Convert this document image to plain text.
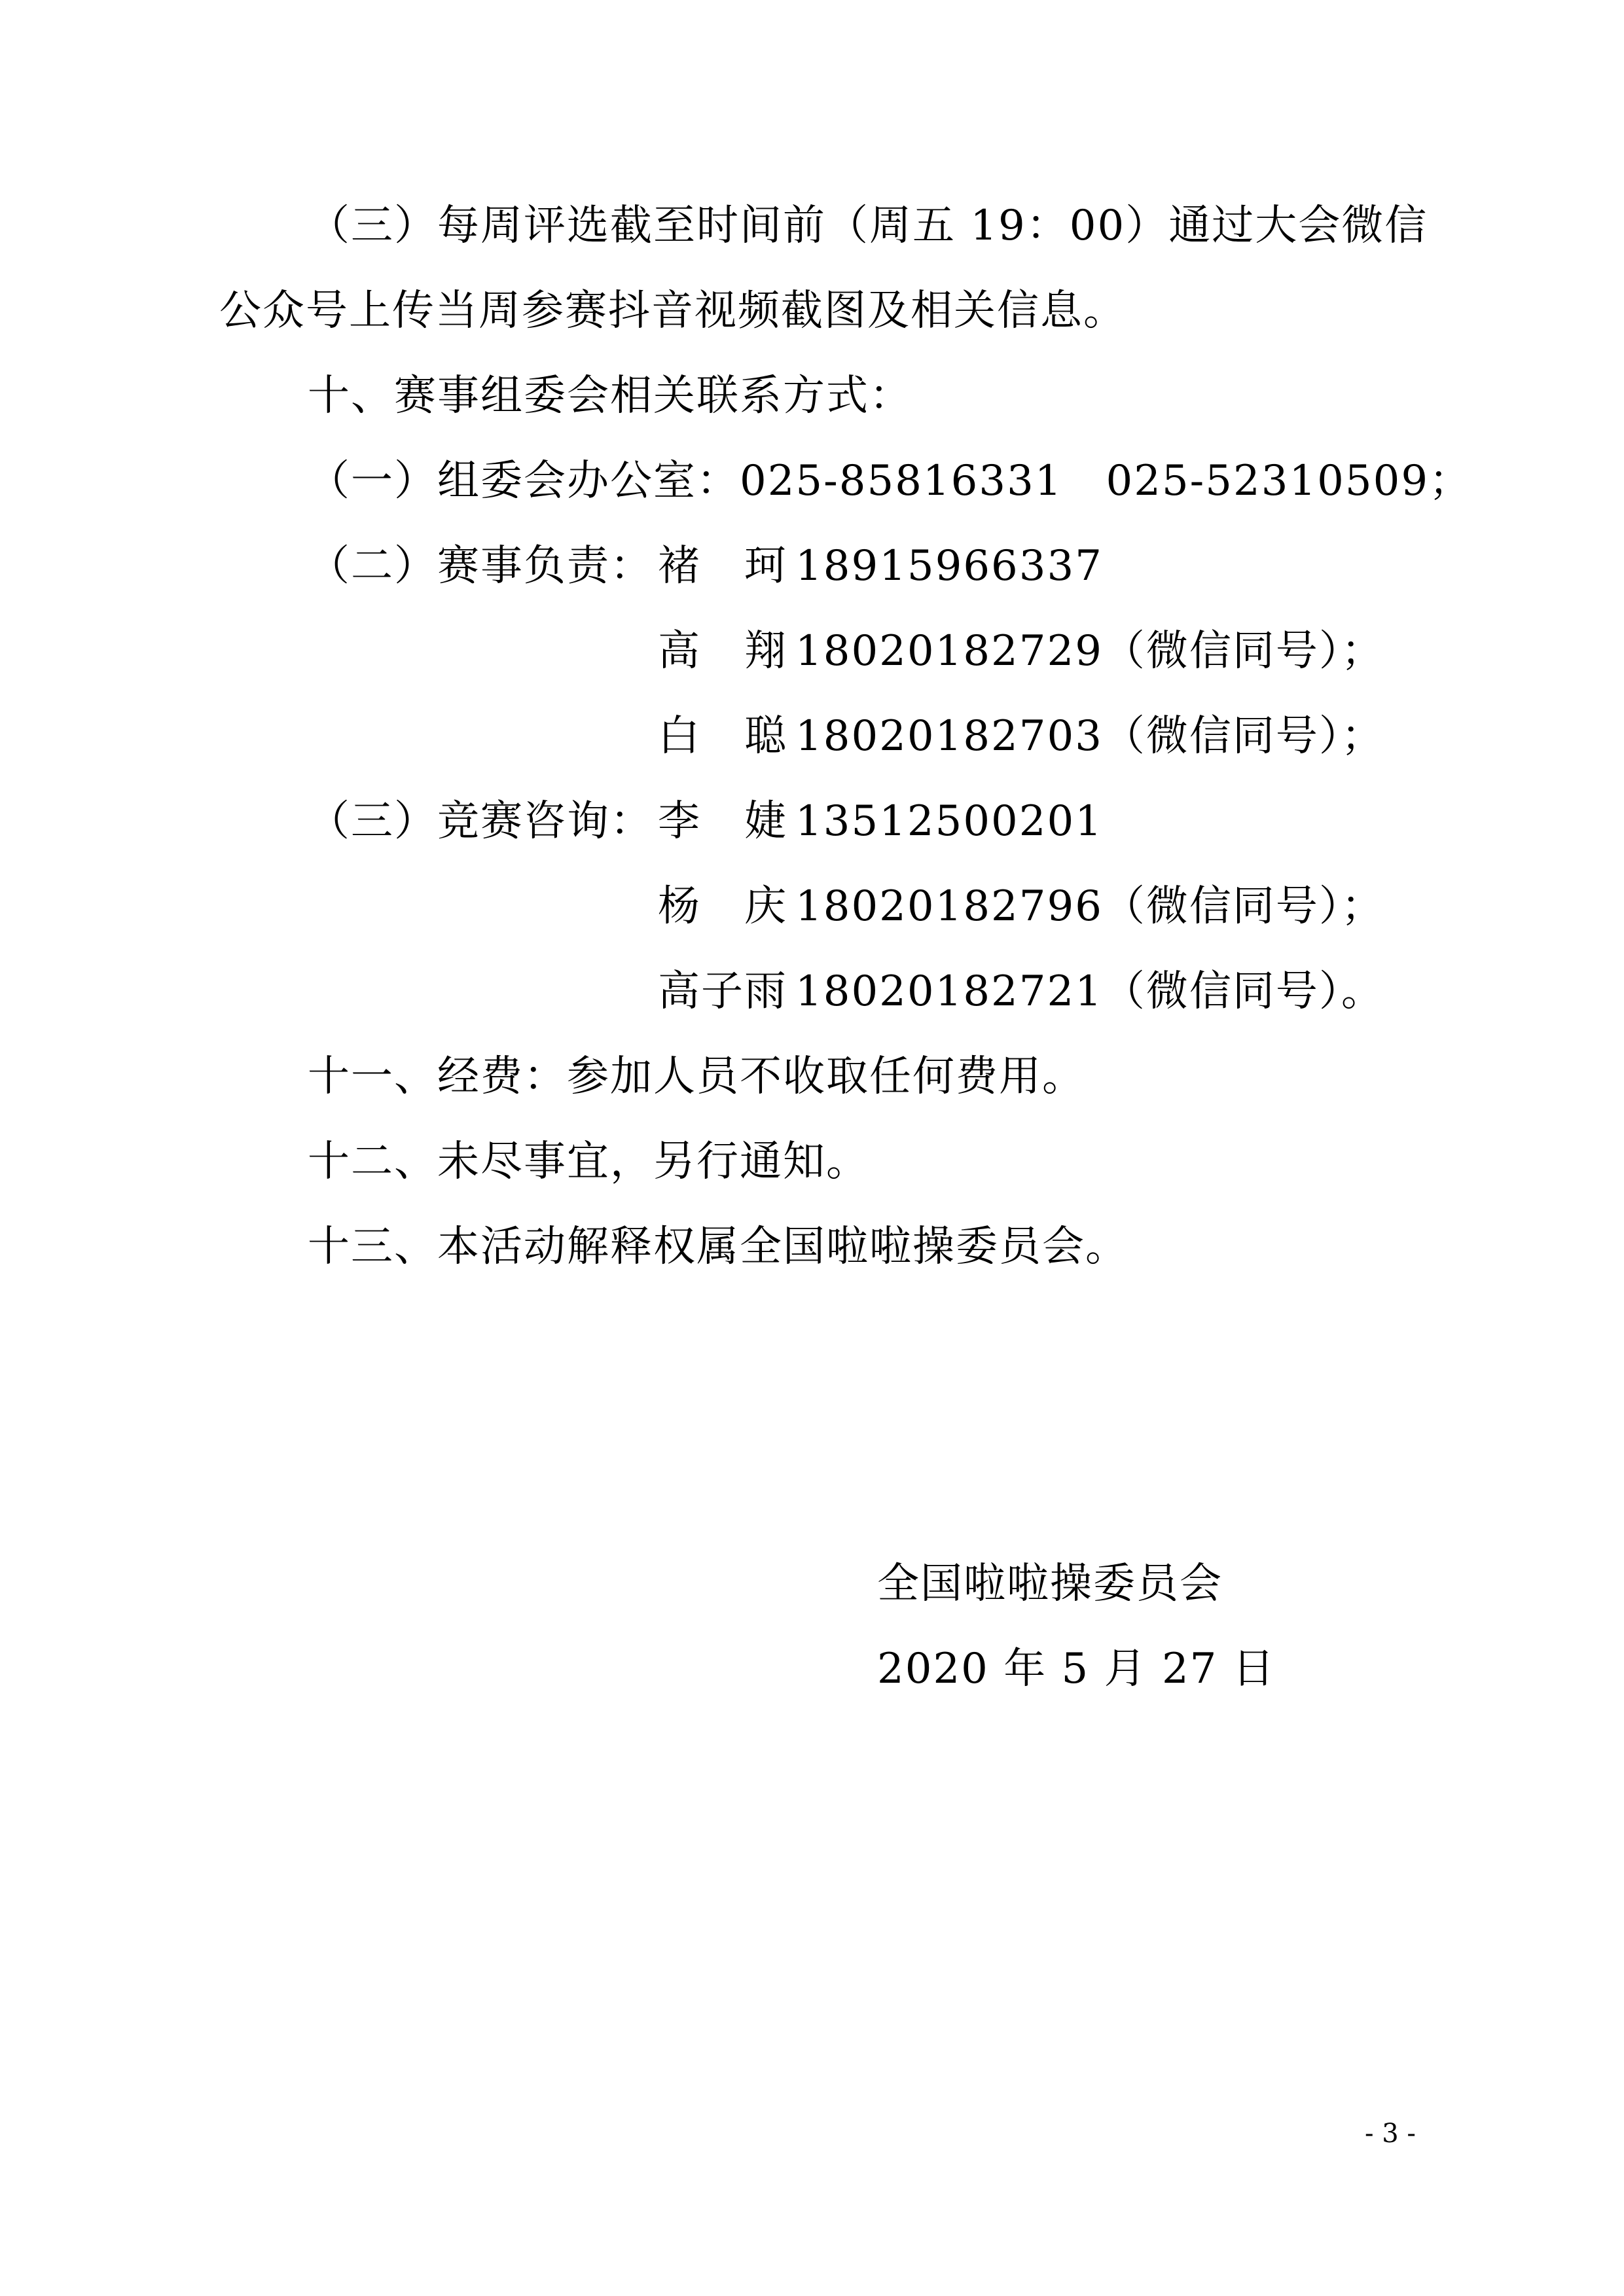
（三）每周评选截至时间前（周五 19：00）通过大会微信
公众号上传当周参赛抖音视频截图及相关信息。
十、赛事组委会相关联系方式：
（一）组委会办公室：025-85816331　025-52310509；
（二）赛事负责： 褚　珂 18915966337
高　翔 18020182729（微信同号）；
白　聪 18020182703（微信同号）；
（三）竞赛咨询： 李　婕 13512500201
杨　庆 18020182796（微信同号）；
高子雨 18020182721（微信同号）。
十一、经费：参加人员不收取任何费用。
十二、未尽事宜，另行通知。
十三、本活动解释权属全国啦啦操委员会。
全国啦啦操委员会
2020 年 5 月 27 日
- 3 -
